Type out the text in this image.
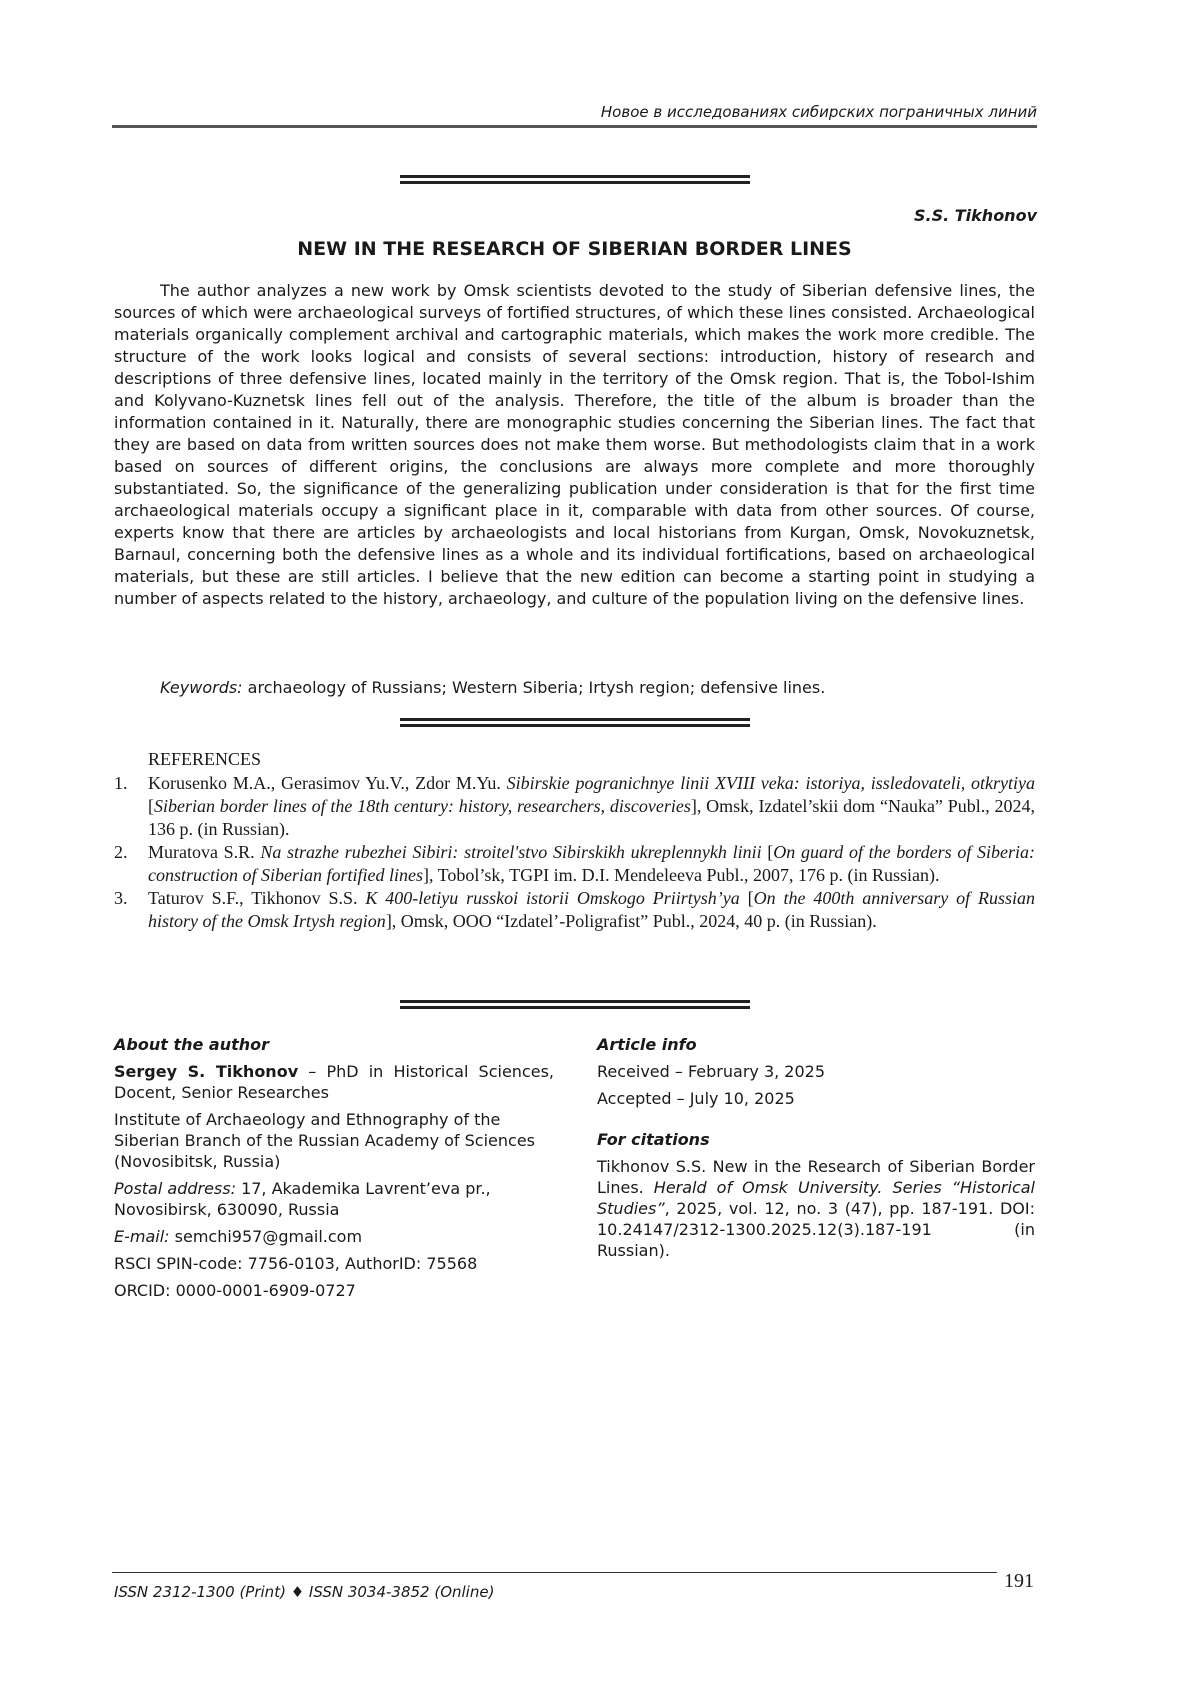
Новое в исследованиях сибирских пограничных линий
S.S. Tikhonov
NEW IN THE RESEARCH OF SIBERIAN BORDER LINES

The author analyzes a new work by Omsk scientists devoted to the study of Siberian defensive lines, the sources of which were archaeological surveys of fortified structures, of which these lines consisted. Archaeological materials organically complement archival and cartographic materials, which makes the work more credible. The structure of the work looks logical and consists of several sections: introduction, history of research and descriptions of three defensive lines, located mainly in the territory of the Omsk region. That is, the Tobol-Ishim and Kolyvano-Kuznetsk lines fell out of the analysis. Therefore, the title of the album is broader than the information contained in it. Naturally, there are monographic studies concerning the Siberian lines. The fact that they are based on data from written sources does not make them worse. But methodologists claim that in a work based on sources of different origins, the conclusions are always more complete and more thoroughly substantiated. So, the significance of the generalizing publication under consideration is that for the first time archaeological materials occupy a significant place in it, comparable with data from other sources. Of course, experts know that there are articles by archaeologists and local historians from Kurgan, Omsk, Novokuznetsk, Barnaul, concerning both the defensive lines as a whole and its individual fortifications, based on archaeological materials, but these are still articles. I believe that the new edition can become a starting point in studying a number of aspects related to the history, archaeology, and culture of the population living on the defensive lines.

Keywords: archaeology of Russians; Western Siberia; Irtysh region; defensive lines.

REFERENCES
1.	Korusenko M.A., Gerasimov Yu.V., Zdor M.Yu. Sibirskie pogranichnye linii XVIII veka: istoriya, issledovateli, otkrytiya [Siberian border lines of the 18th century: history, researchers, discoveries], Omsk, Izdatel’skii dom “Nauka” Publ., 2024, 136 p. (in Russian).
2.	Muratova S.R. Na strazhe rubezhei Sibiri: stroitel'stvo Sibirskikh ukreplennykh linii [On guard of the borders of Siberia: construction of Siberian fortified lines], Tobol’sk, TGPI im. D.I. Mendeleeva Publ., 2007, 176 p. (in Russian).
3.	Taturov S.F., Tikhonov S.S. K 400-letiyu russkoi istorii Omskogo Priirtysh’ya [On the 400th anniversary of Russian history of the Omsk Irtysh region], Omsk, OOO “Izdatel’-Poligrafist” Publ., 2024, 40 p. (in Russian).
About the author

Sergey S. Tikhonov – PhD in Historical Sciences, Docent, Senior Researches

Institute of Archaeology and Ethnography of the Siberian Branch of the Russian Academy of Sciences (Novosibitsk, Russia)

Postal address: 17, Akademika Lavrent’eva pr., Novosibirsk, 630090, Russia

E-mail: semchi957@gmail.com

RSCI SPIN-code: 7756-0103, AuthorID: 75568

ORCID: 0000-0001-6909-0727

Article info

Received – February 3, 2025

Accepted – July 10, 2025

For citations

Tikhonov S.S. New in the Research of Siberian Border Lines. Herald of Omsk University. Series “Historical Studies”, 2025, vol. 12, no. 3 (47), pp. 187-191. DOI: 10.24147/2312-1300.2025.12(3).187-191 (in Russian).

ISSN 2312-1300 (Print) ♦ ISSN 3034-3852 (Online)	191
